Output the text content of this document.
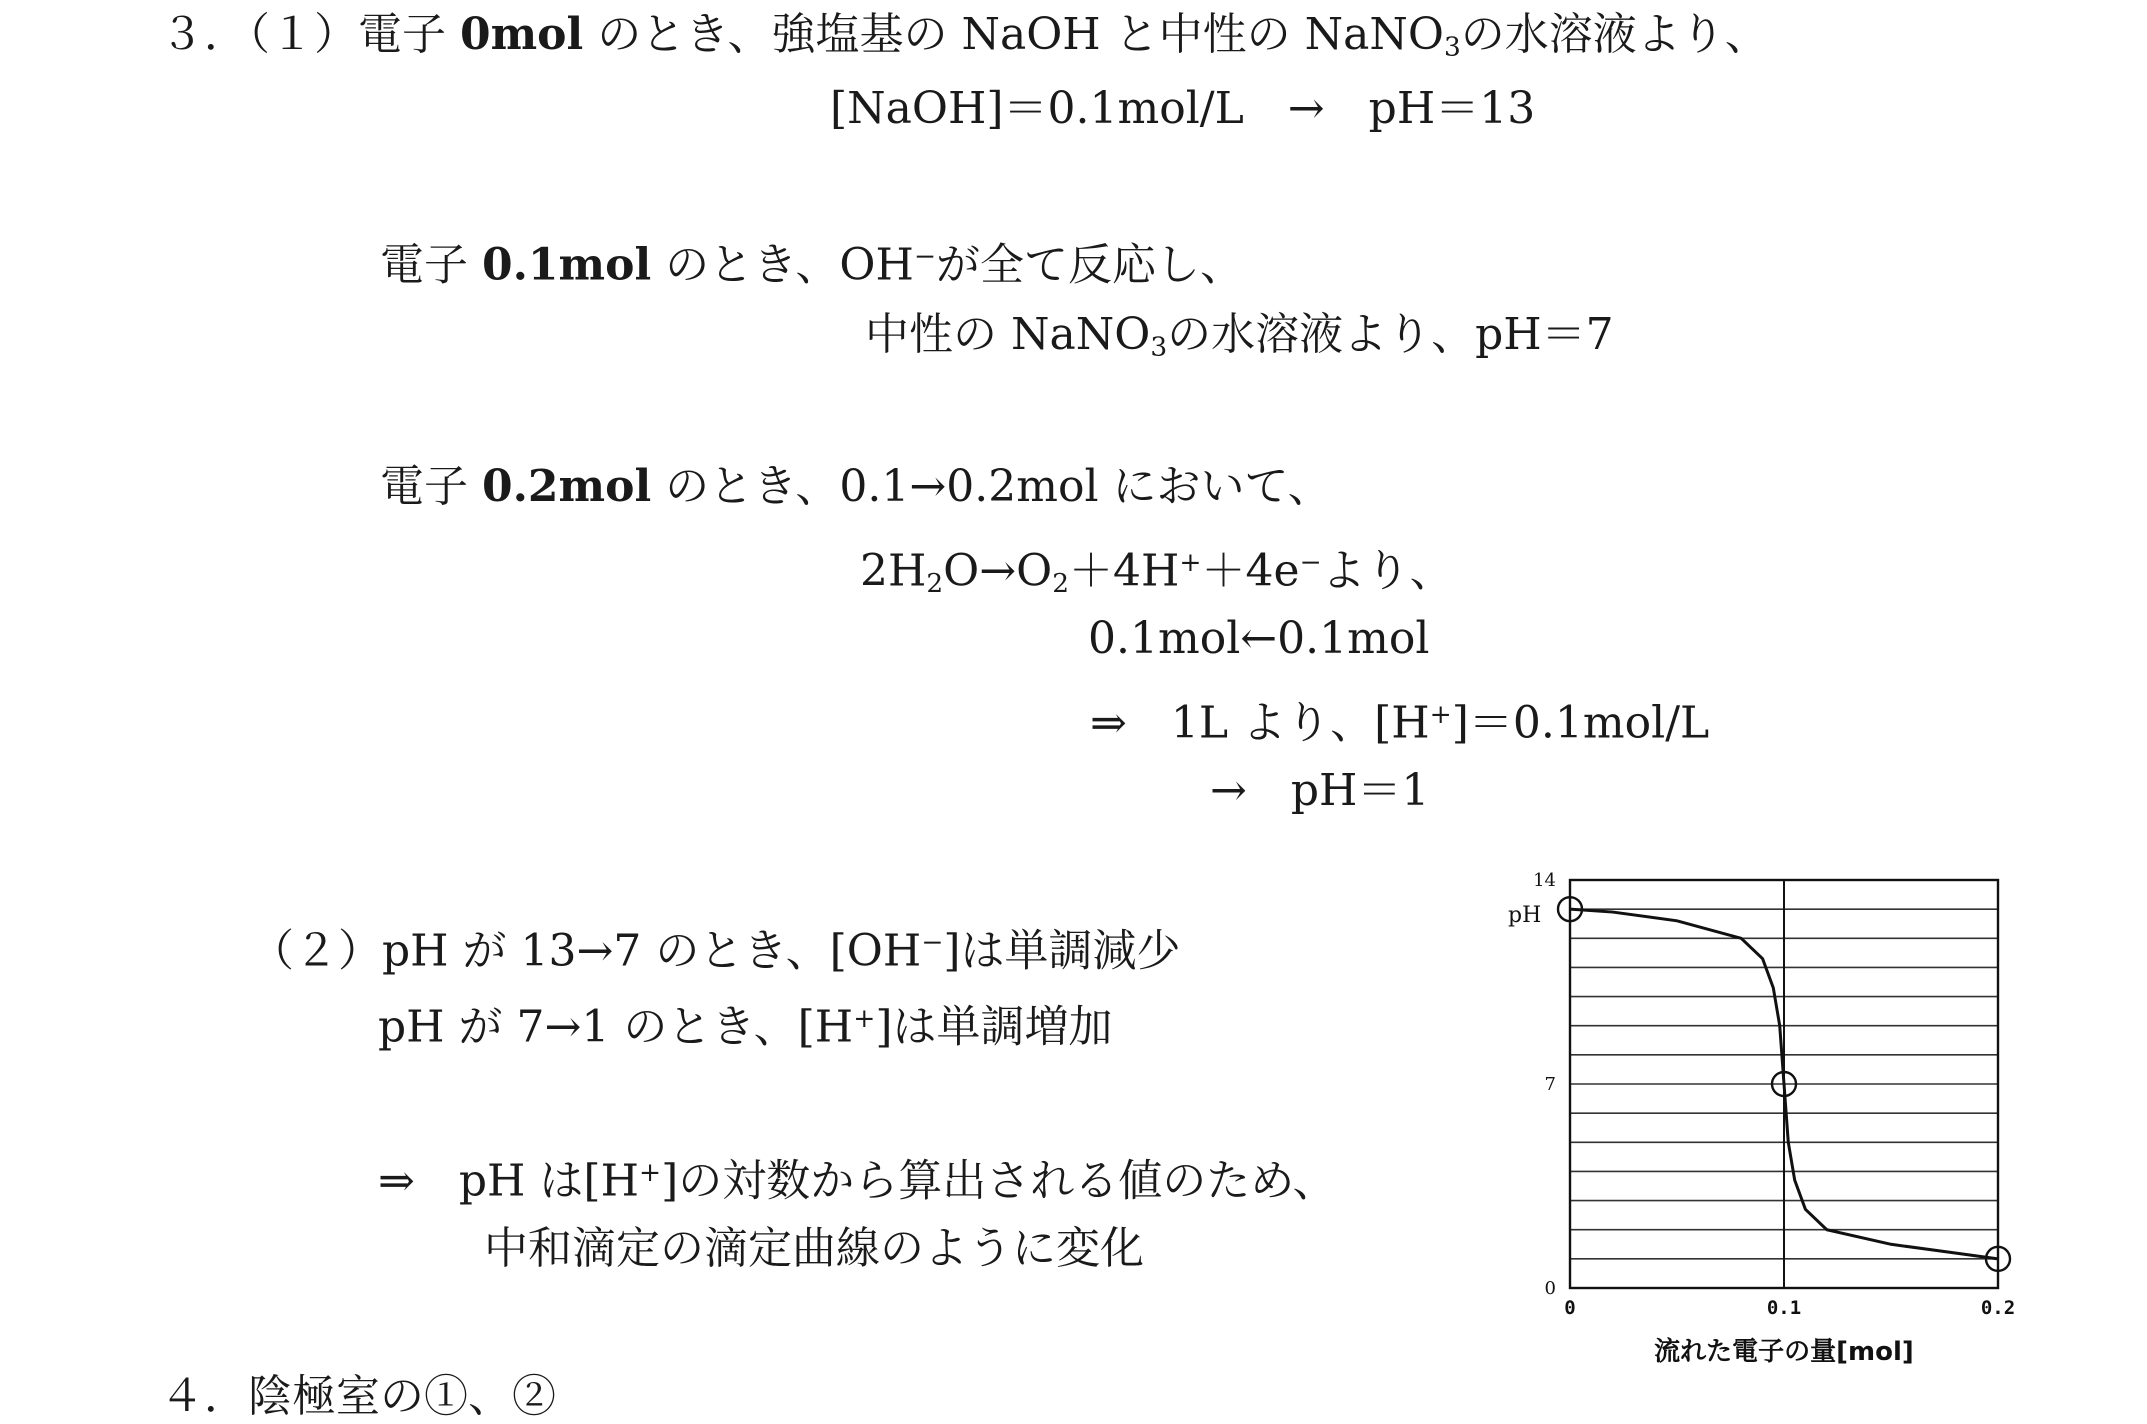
３．（１）電子 0mol のとき、強塩基の NaOH と中性の NaNO$_3$の水溶液より、
[NaOH]＝0.1mol/L　→　pH＝13
電子 0.1mol のとき、OH−が全て反応し、
中性の NaNO$_3$の水溶液より、pH＝7
電子 0.2mol のとき、0.1→0.2mol において、
$2H_2O\to O_2+4H^++4e^-$より、
0.1mol←0.1mol
⇒　1L より、[H+]＝0.1mol/L
→　pH＝1
（２）pH が 13→7 のとき、[OH−]は単調減少
pH が 7→1 のとき、[H+]は単調増加
⇒　pH は[H+]の対数から算出される値のため、
中和滴定の滴定曲線のように変化
４．陰極室の①、②
14
7
0
0	0.1	0.2
pH
流れた電子の量[mol]
